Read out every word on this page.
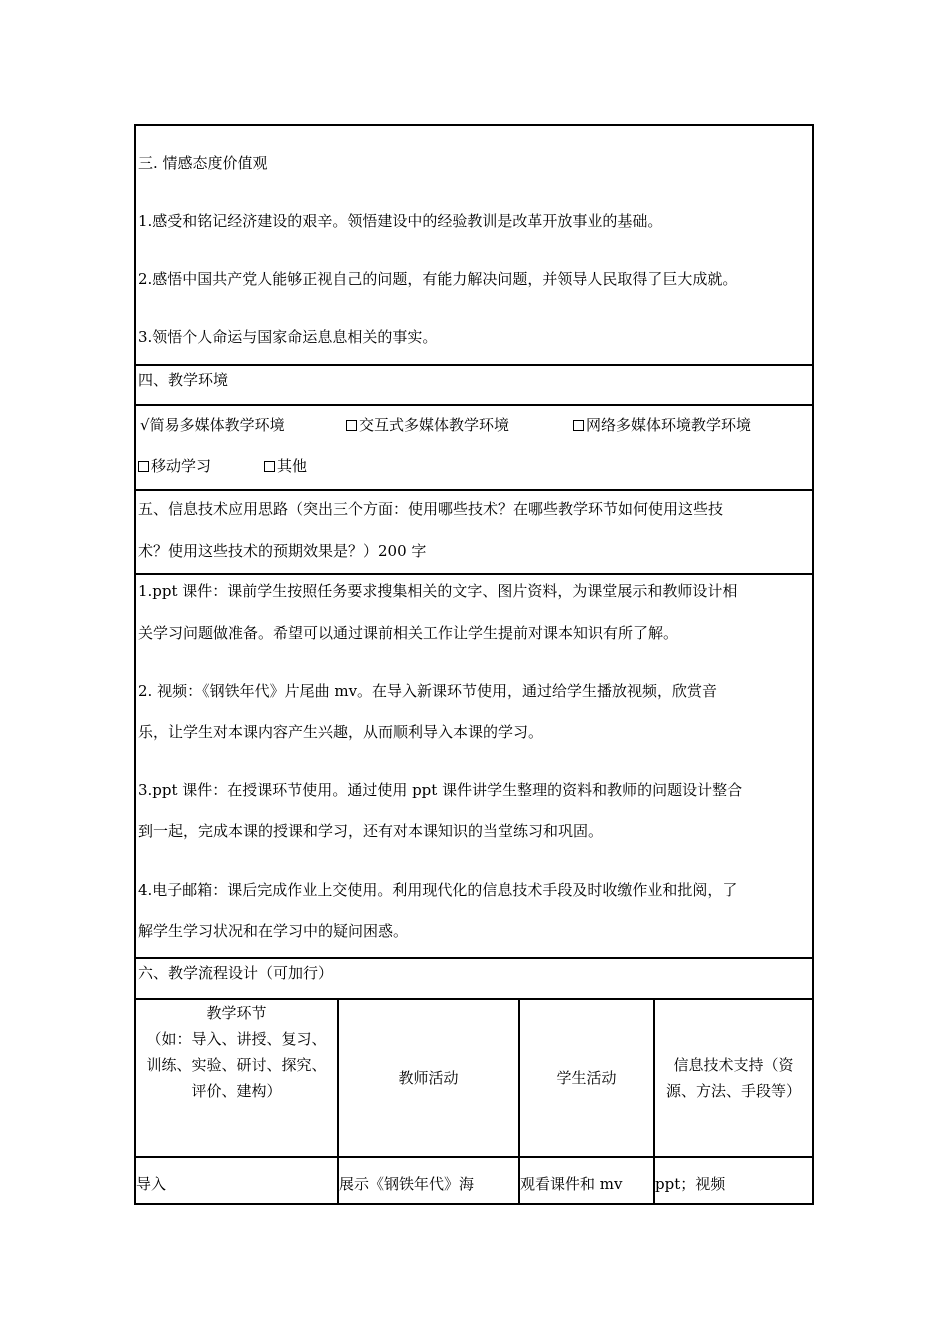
三. 情感态度价值观
1.感受和铭记经济建设的艰辛。领悟建设中的经验教训是改革开放事业的基础。
2.感悟中国共产党人能够正视自己的问题，有能力解决问题，并领导人民取得了巨大成就。
3.领悟个人命运与国家命运息息相关的事实。
四、教学环境
√简易多媒体教学环境	交互式多媒体教学环境	网络多媒体环境教学环境
移动学习	其他
五、信息技术应用思路（突出三个方面：使用哪些技术？在哪些教学环节如何使用这些技
术？使用这些技术的预期效果是？）200 字
1.ppt 课件：课前学生按照任务要求搜集相关的文字、图片资料，为课堂展示和教师设计相
关学习问题做准备。希望可以通过课前相关工作让学生提前对课本知识有所了解。
2. 视频：《钢铁年代》片尾曲 mv。在导入新课环节使用，通过给学生播放视频，欣赏音
乐，让学生对本课内容产生兴趣，从而顺利导入本课的学习。
3.ppt 课件：在授课环节使用。通过使用 ppt 课件讲学生整理的资料和教师的问题设计整合
到一起，完成本课的授课和学习，还有对本课知识的当堂练习和巩固。
4.电子邮箱：课后完成作业上交使用。利用现代化的信息技术手段及时收缴作业和批阅，了
解学生学习状况和在学习中的疑问困惑。
六、教学流程设计（可加行）
教学环节
（如：导入、讲授、复习、
训练、实验、研讨、探究、
评价、建构）	教师活动	学生活动	信息技术支持（资
源、方法、手段等）

导入	展示《钢铁年代》海	观看课件和 mv	ppt；视频
